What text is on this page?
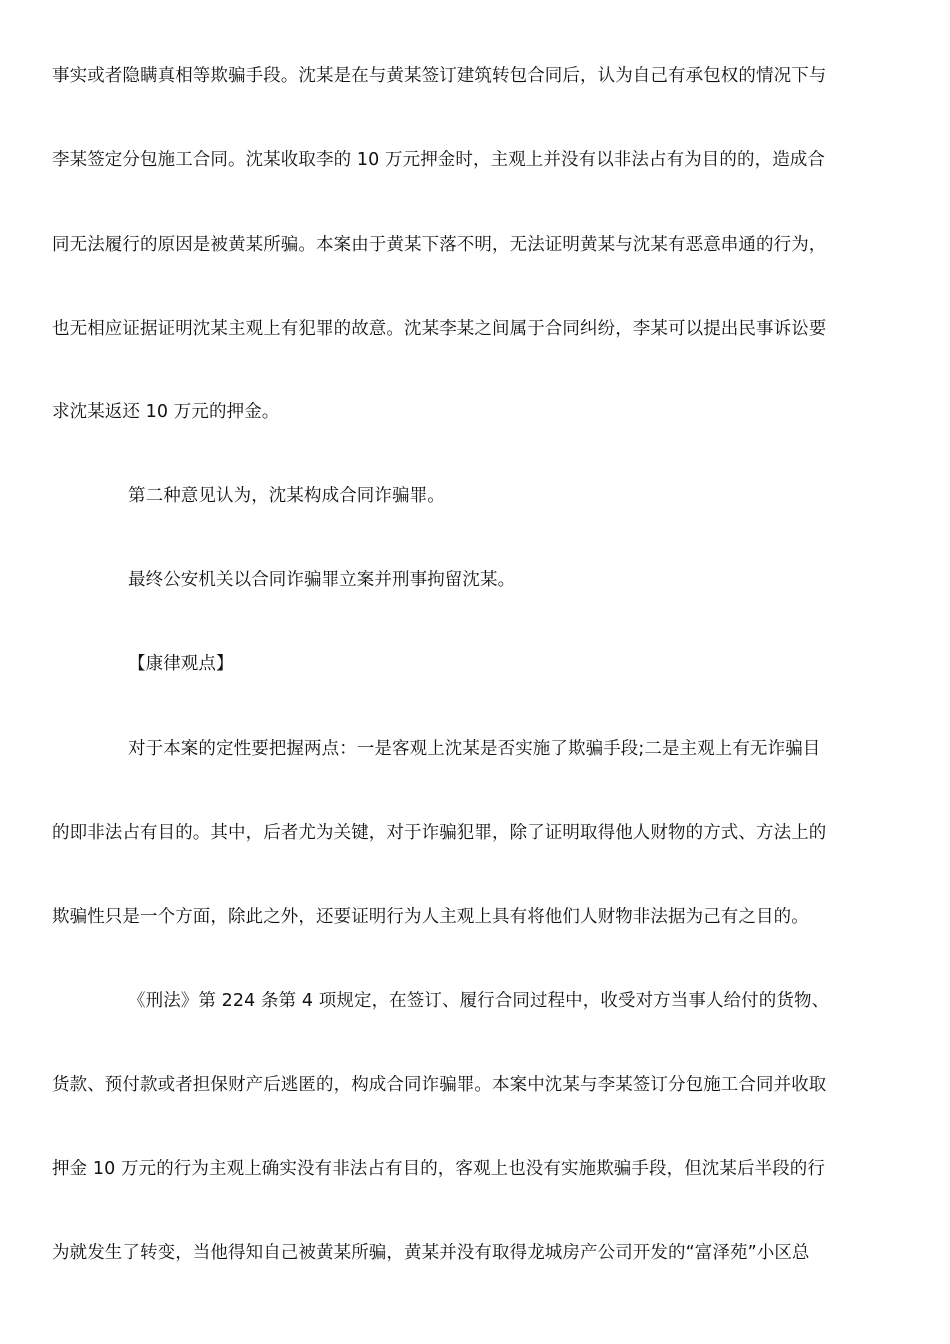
事实或者隐瞒真相等欺骗手段。沈某是在与黄某签订建筑转包合同后，认为自己有承包权的情况下与
李某签定分包施工合同。沈某收取李的 10 万元押金时，主观上并没有以非法占有为目的的，造成合
同无法履行的原因是被黄某所骗。本案由于黄某下落不明，无法证明黄某与沈某有恶意串通的行为，
也无相应证据证明沈某主观上有犯罪的故意。沈某李某之间属于合同纠纷，李某可以提出民事诉讼要
求沈某返还 10 万元的押金。
第二种意见认为，沈某构成合同诈骗罪。
最终公安机关以合同诈骗罪立案并刑事拘留沈某。
【康律观点】
对于本案的定性要把握两点：一是客观上沈某是否实施了欺骗手段;二是主观上有无诈骗目
的即非法占有目的。其中，后者尤为关键，对于诈骗犯罪，除了证明取得他人财物的方式、方法上的
欺骗性只是一个方面，除此之外，还要证明行为人主观上具有将他们人财物非法据为己有之目的。
《刑法》第 224 条第 4 项规定，在签订、履行合同过程中，收受对方当事人给付的货物、
货款、预付款或者担保财产后逃匿的，构成合同诈骗罪。本案中沈某与李某签订分包施工合同并收取
押金 10 万元的行为主观上确实没有非法占有目的，客观上也没有实施欺骗手段，但沈某后半段的行
为就发生了转变，当他得知自己被黄某所骗，黄某并没有取得龙城房产公司开发的“富泽苑”小区总
